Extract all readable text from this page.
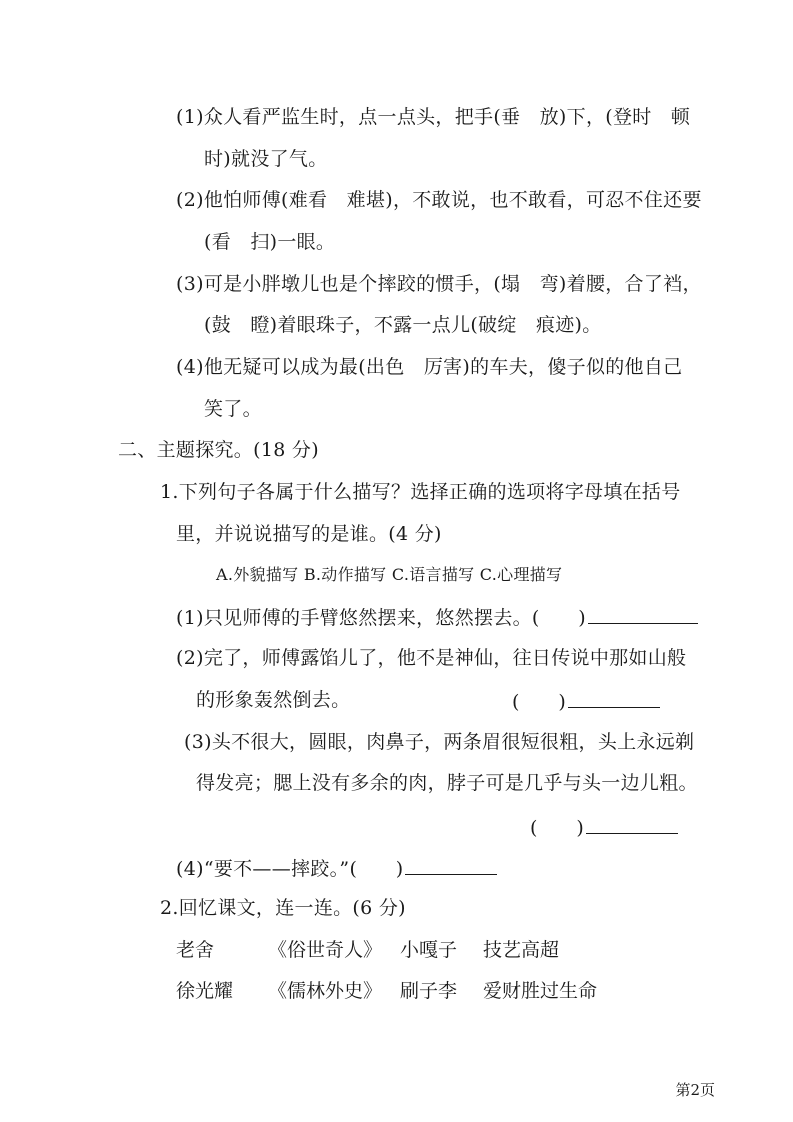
(1)众人看严监生时，点一点头，把手(垂　放)下，(登时　顿
时)就没了气。
(2)他怕师傅(难看　难堪)，不敢说，也不敢看，可忍不住还要
(看　扫)一眼。
(3)可是小胖墩儿也是个摔跤的惯手，(塌　弯)着腰，合了裆，
(鼓　瞪)着眼珠子，不露一点儿(破绽　痕迹)。
(4)他无疑可以成为最(出色　厉害)的车夫，傻子似的他自己
笑了。
二、主题探究。(18 分)
1.下列句子各属于什么描写？选择正确的选项将字母填在括号
里，并说说描写的是谁。(4 分)
A.外貌描写 B.动作描写 C.语言描写 C.心理描写
(1)只见师傅的手臂悠然摆来，悠然摆去。(　　)
(2)完了，师傅露馅儿了，他不是神仙，往日传说中那如山般
的形象轰然倒去。	(　　)
(3)头不很大，圆眼，肉鼻子，两条眉很短很粗，头上永远剃
得发亮；腮上没有多余的肉，脖子可是几乎与头一边儿粗。
(　　)
(4)“要不——摔跤。”(　　)
2.回忆课文，连一连。(6 分)
老舍	《俗世奇人》 小嘎子 技艺高超
徐光耀 《儒林外史》 刷子李 爱财胜过生命
第2页
